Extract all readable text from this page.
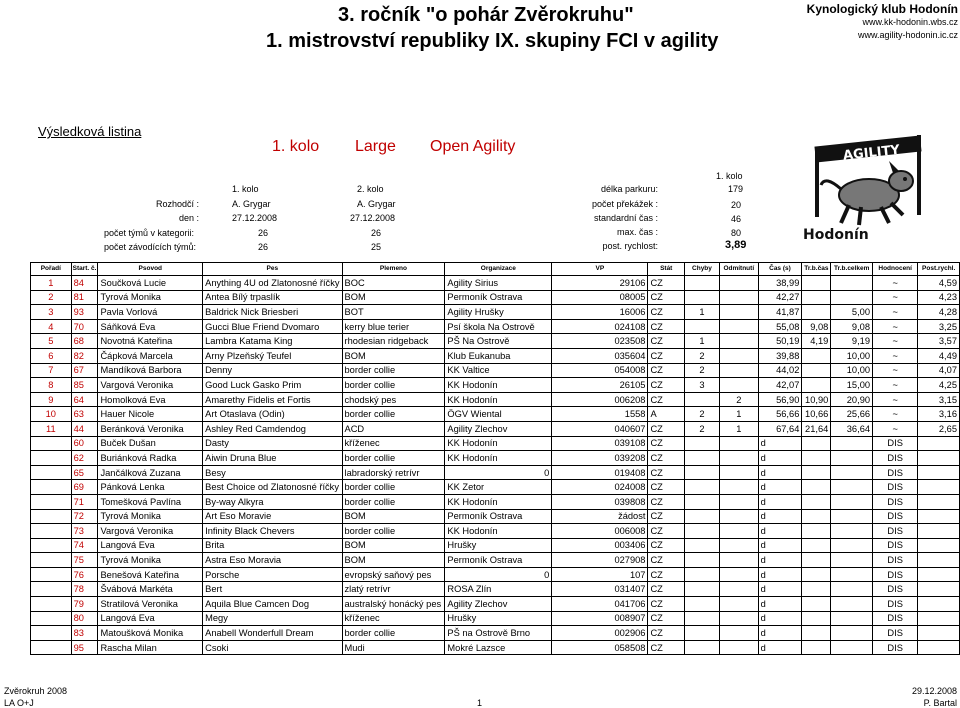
3. ročník "o pohár Zvěrokruhu"
1. mistrovství republiky IX. skupiny FCI v agility
Kynologický klub Hodonín
www.kk-hodonin.wbs.cz
www.agility-hodonin.ic.cz
Výsledková listina
1. kolo Large Open Agility
1. kolo	2. kolo
1. kolo
Rozhodčí :	A. Grygar	A. Grygar
den :	27.12.2008	27.12.2008
počet týmů v kategorii:	26	26
počet závodících týmů:	26	25
délka parkuru:	179
počet překážek :	20
standardní čas :	46
max. čas :	80
post. rychlost:	3,89
AGILITY
Hodonín
Pořadí	Start. č.	Psovod	Pes	Plemeno	Organizace	VP	Stát	Chyby	Odmítnutí	Čas (s)	Tr.b.čas	Tr.b.celkem	Hodnocení	Post.rychl.
1	84	Součková Lucie	Anything 4U od Zlatonosné říčky	BOC	Agility Sirius	29106	CZ			38,99			~	4,59
2	81	Tyrová Monika	Antea Bílý trpaslík	BOM	Permoník Ostrava	08005	CZ			42,27			~	4,23
3	93	Pavla Vorlová	Baldrick Nick Briesberi	BOT	Agility Hrušky	16006	CZ	1		41,87		5,00	~	4,28
4	70	Sáňková Eva	Gucci Blue Friend Dvomaro	kerry blue terier	Psí škola Na Ostrově	024108	CZ			55,08	9,08	9,08	~	3,25
5	68	Novotná Kateřina	Lambra Katama King	rhodesian ridgeback	PŠ Na Ostrově	023508	CZ	1		50,19	4,19	9,19	~	3,57
6	82	Čápková Marcela	Arny Plzeňský Teufel	BOM	Klub Eukanuba	035604	CZ	2		39,88		10,00	~	4,49
7	67	Mandíková Barbora	Denny	border collie	KK Valtice	054008	CZ	2		44,02		10,00	~	4,07
8	85	Vargová Veronika	Good Luck Gasko Prim	border collie	KK Hodonín	26105	CZ	3		42,07		15,00	~	4,25
9	64	Homolková Eva	Amarethy Fidelis et Fortis	chodský pes	KK Hodonín	006208	CZ		2	56,90	10,90	20,90	~	3,15
10	63	Hauer Nicole	Art Otaslava (Odin)	border collie	ÖGV Wiental	1558	A	2	1	56,66	10,66	25,66	~	3,16
11	44	Beránková Veronika	Ashley Red Camdendog	ACD	Agility Zlechov	040607	CZ	2	1	67,64	21,64	36,64	~	2,65
	60	Buček Dušan	Dasty	kříženec	KK Hodonín	039108	CZ			d			DIS	
	62	Buriánková Radka	Aiwin Druna Blue	border collie	KK Hodonín	039208	CZ			d			DIS	
	65	Jančálková Zuzana	Besy	labradorský retrívr	0	019408	CZ			d			DIS	
	69	Pánková Lenka	Best Choice od Zlatonosné říčky	border collie	KK Zetor	024008	CZ			d			DIS	
	71	Tomešková Pavlína	By-way Alkyra	border collie	KK Hodonín	039808	CZ			d			DIS	
	72	Tyrová Monika	Art Eso Moravie	BOM	Permoník Ostrava	žádost	CZ			d			DIS	
	73	Vargová Veronika	Infinity Black Chevers	border collie	KK Hodonín	006008	CZ			d			DIS	
	74	Langová Eva	Brita	BOM	Hrušky	003406	CZ			d			DIS	
	75	Tyrová Monika	Astra Eso Moravia	BOM	Permoník Ostrava	027908	CZ			d			DIS	
	76	Benešová Kateřina	Porsche	evropský saňový pes	0	107	CZ			d			DIS	
	78	Švábová Markéta	Bert	zlatý retrívr	ROSA Zlín	031407	CZ			d			DIS	
	79	Stratilová Veronika	Aquila Blue Camcen Dog	australský honácký pes	Agility Zlechov	041706	CZ			d			DIS	
	80	Langová Eva	Megy	kříženec	Hrušky	008907	CZ			d			DIS	
	83	Matoušková Monika	Anabell Wonderfull Dream	border collie	PŠ na Ostrově Brno	002906	CZ			d			DIS	
	95	Rascha Milan	Csoki	Mudi	Mokré Lazsce	058508	CZ			d			DIS	
Zvěrokruh 2008
LA O+J	1
29.12.2008
P. Bartal
